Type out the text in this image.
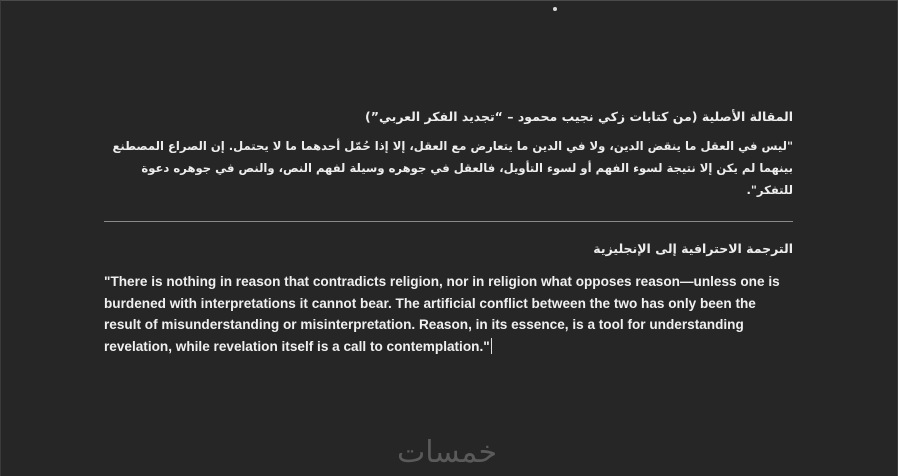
المقالة الأصلية (من كتابات زكي نجيب محمود – “تجديد الفكر العربي”)

"ليس في العقل ما ينقض الدين، ولا في الدين ما يتعارض مع العقل، إلا إذا حُمّل أحدهما ما لا يحتمل. إن الصراع المصطنع بينهما لم يكن إلا نتيجة لسوء الفهم أو لسوء التأويل، فالعقل في جوهره وسيلة لفهم النص، والنص في جوهره دعوة للتفكر".

الترجمة الاحترافية إلى الإنجليزية

"There is nothing in reason that contradicts religion, nor in religion what opposes reason—unless one is burdened with interpretations it cannot bear. The artificial conflict between the two has only been the result of misunderstanding or misinterpretation. Reason, in its essence, is a tool for understanding revelation, while revelation itself is a call to contemplation."

خمسات
